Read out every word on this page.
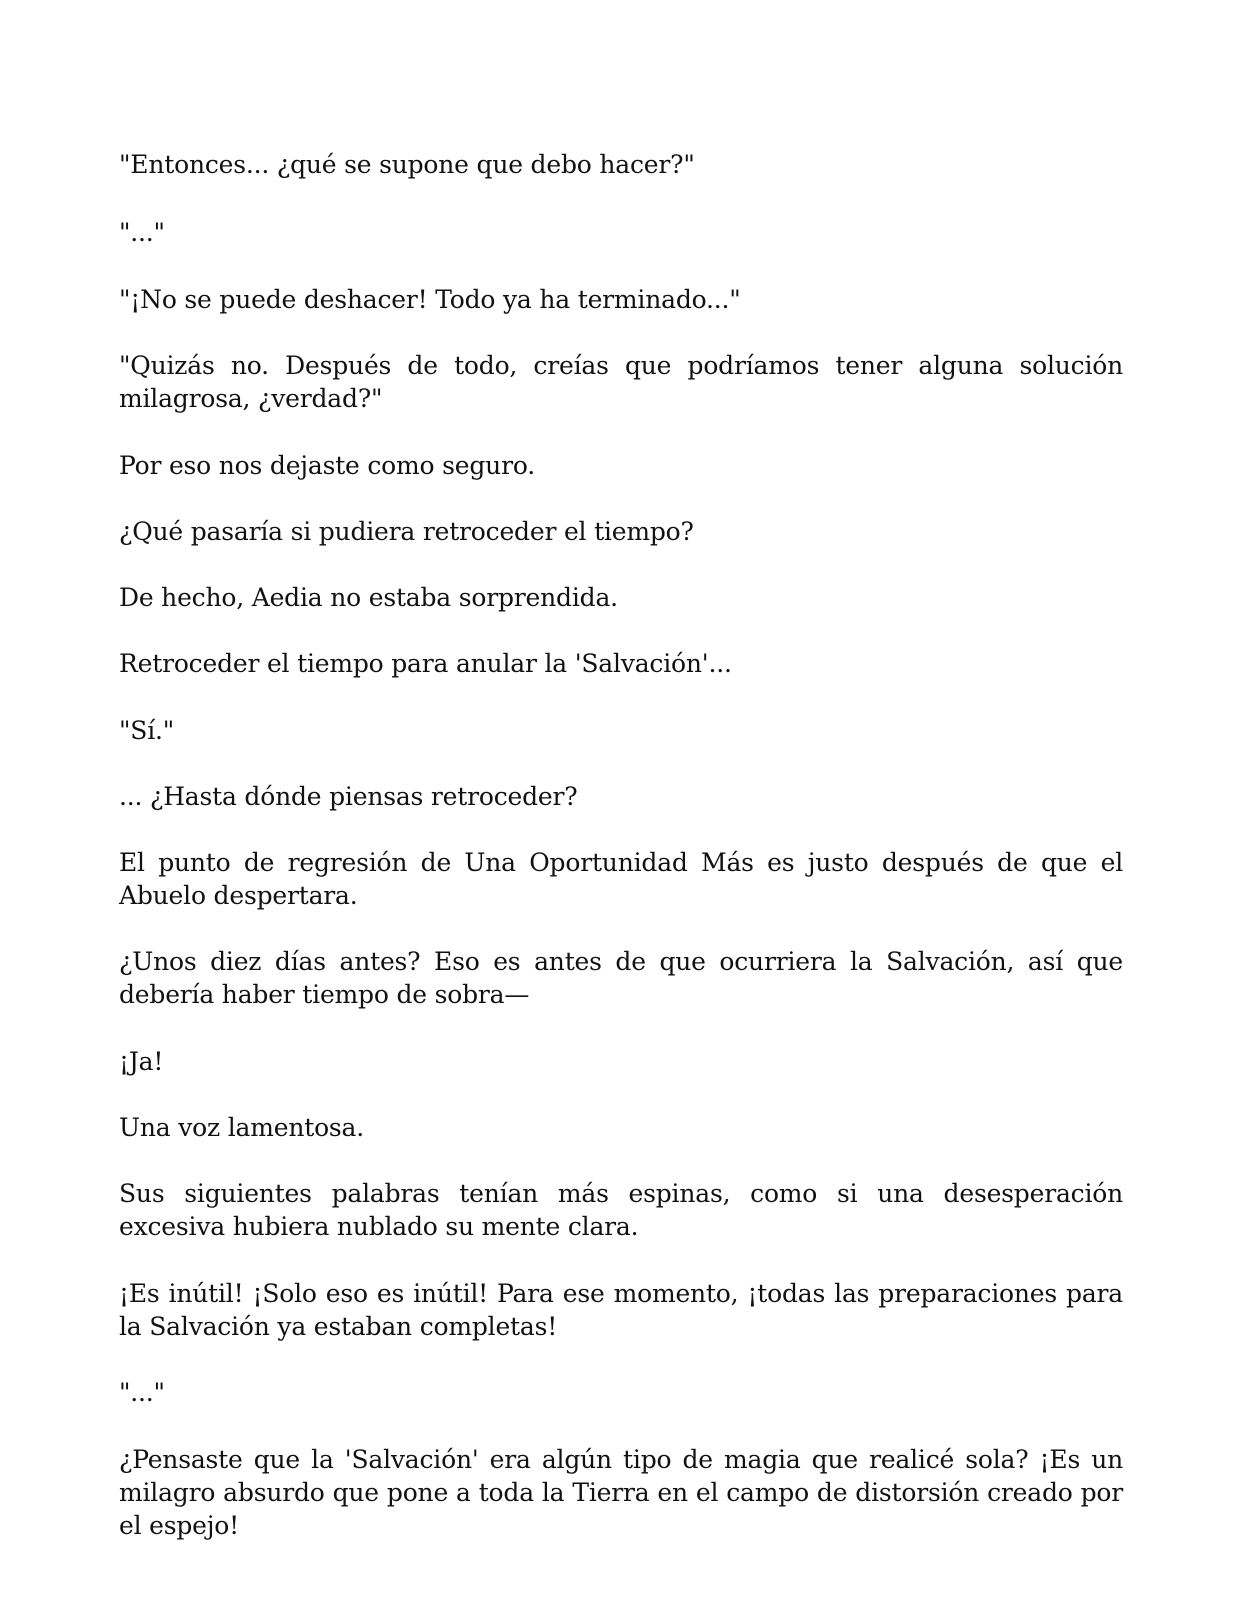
"Entonces... ¿qué se supone que debo hacer?"

"..."

"¡No se puede deshacer! Todo ya ha terminado..."

"Quizás no. Después de todo, creías que podríamos tener alguna solución milagrosa, ¿verdad?"

Por eso nos dejaste como seguro.

¿Qué pasaría si pudiera retroceder el tiempo?

De hecho, Aedia no estaba sorprendida.

Retroceder el tiempo para anular la 'Salvación'...

"Sí."

... ¿Hasta dónde piensas retroceder?

El punto de regresión de Una Oportunidad Más es justo después de que el Abuelo despertara.

¿Unos diez días antes? Eso es antes de que ocurriera la Salvación, así que debería haber tiempo de sobra—

¡Ja!

Una voz lamentosa.

Sus siguientes palabras tenían más espinas, como si una desesperación excesiva hubiera nublado su mente clara.

¡Es inútil! ¡Solo eso es inútil! Para ese momento, ¡todas las preparaciones para la Salvación ya estaban completas!

"..."

¿Pensaste que la 'Salvación' era algún tipo de magia que realicé sola? ¡Es un milagro absurdo que pone a toda la Tierra en el campo de distorsión creado por el espejo!
